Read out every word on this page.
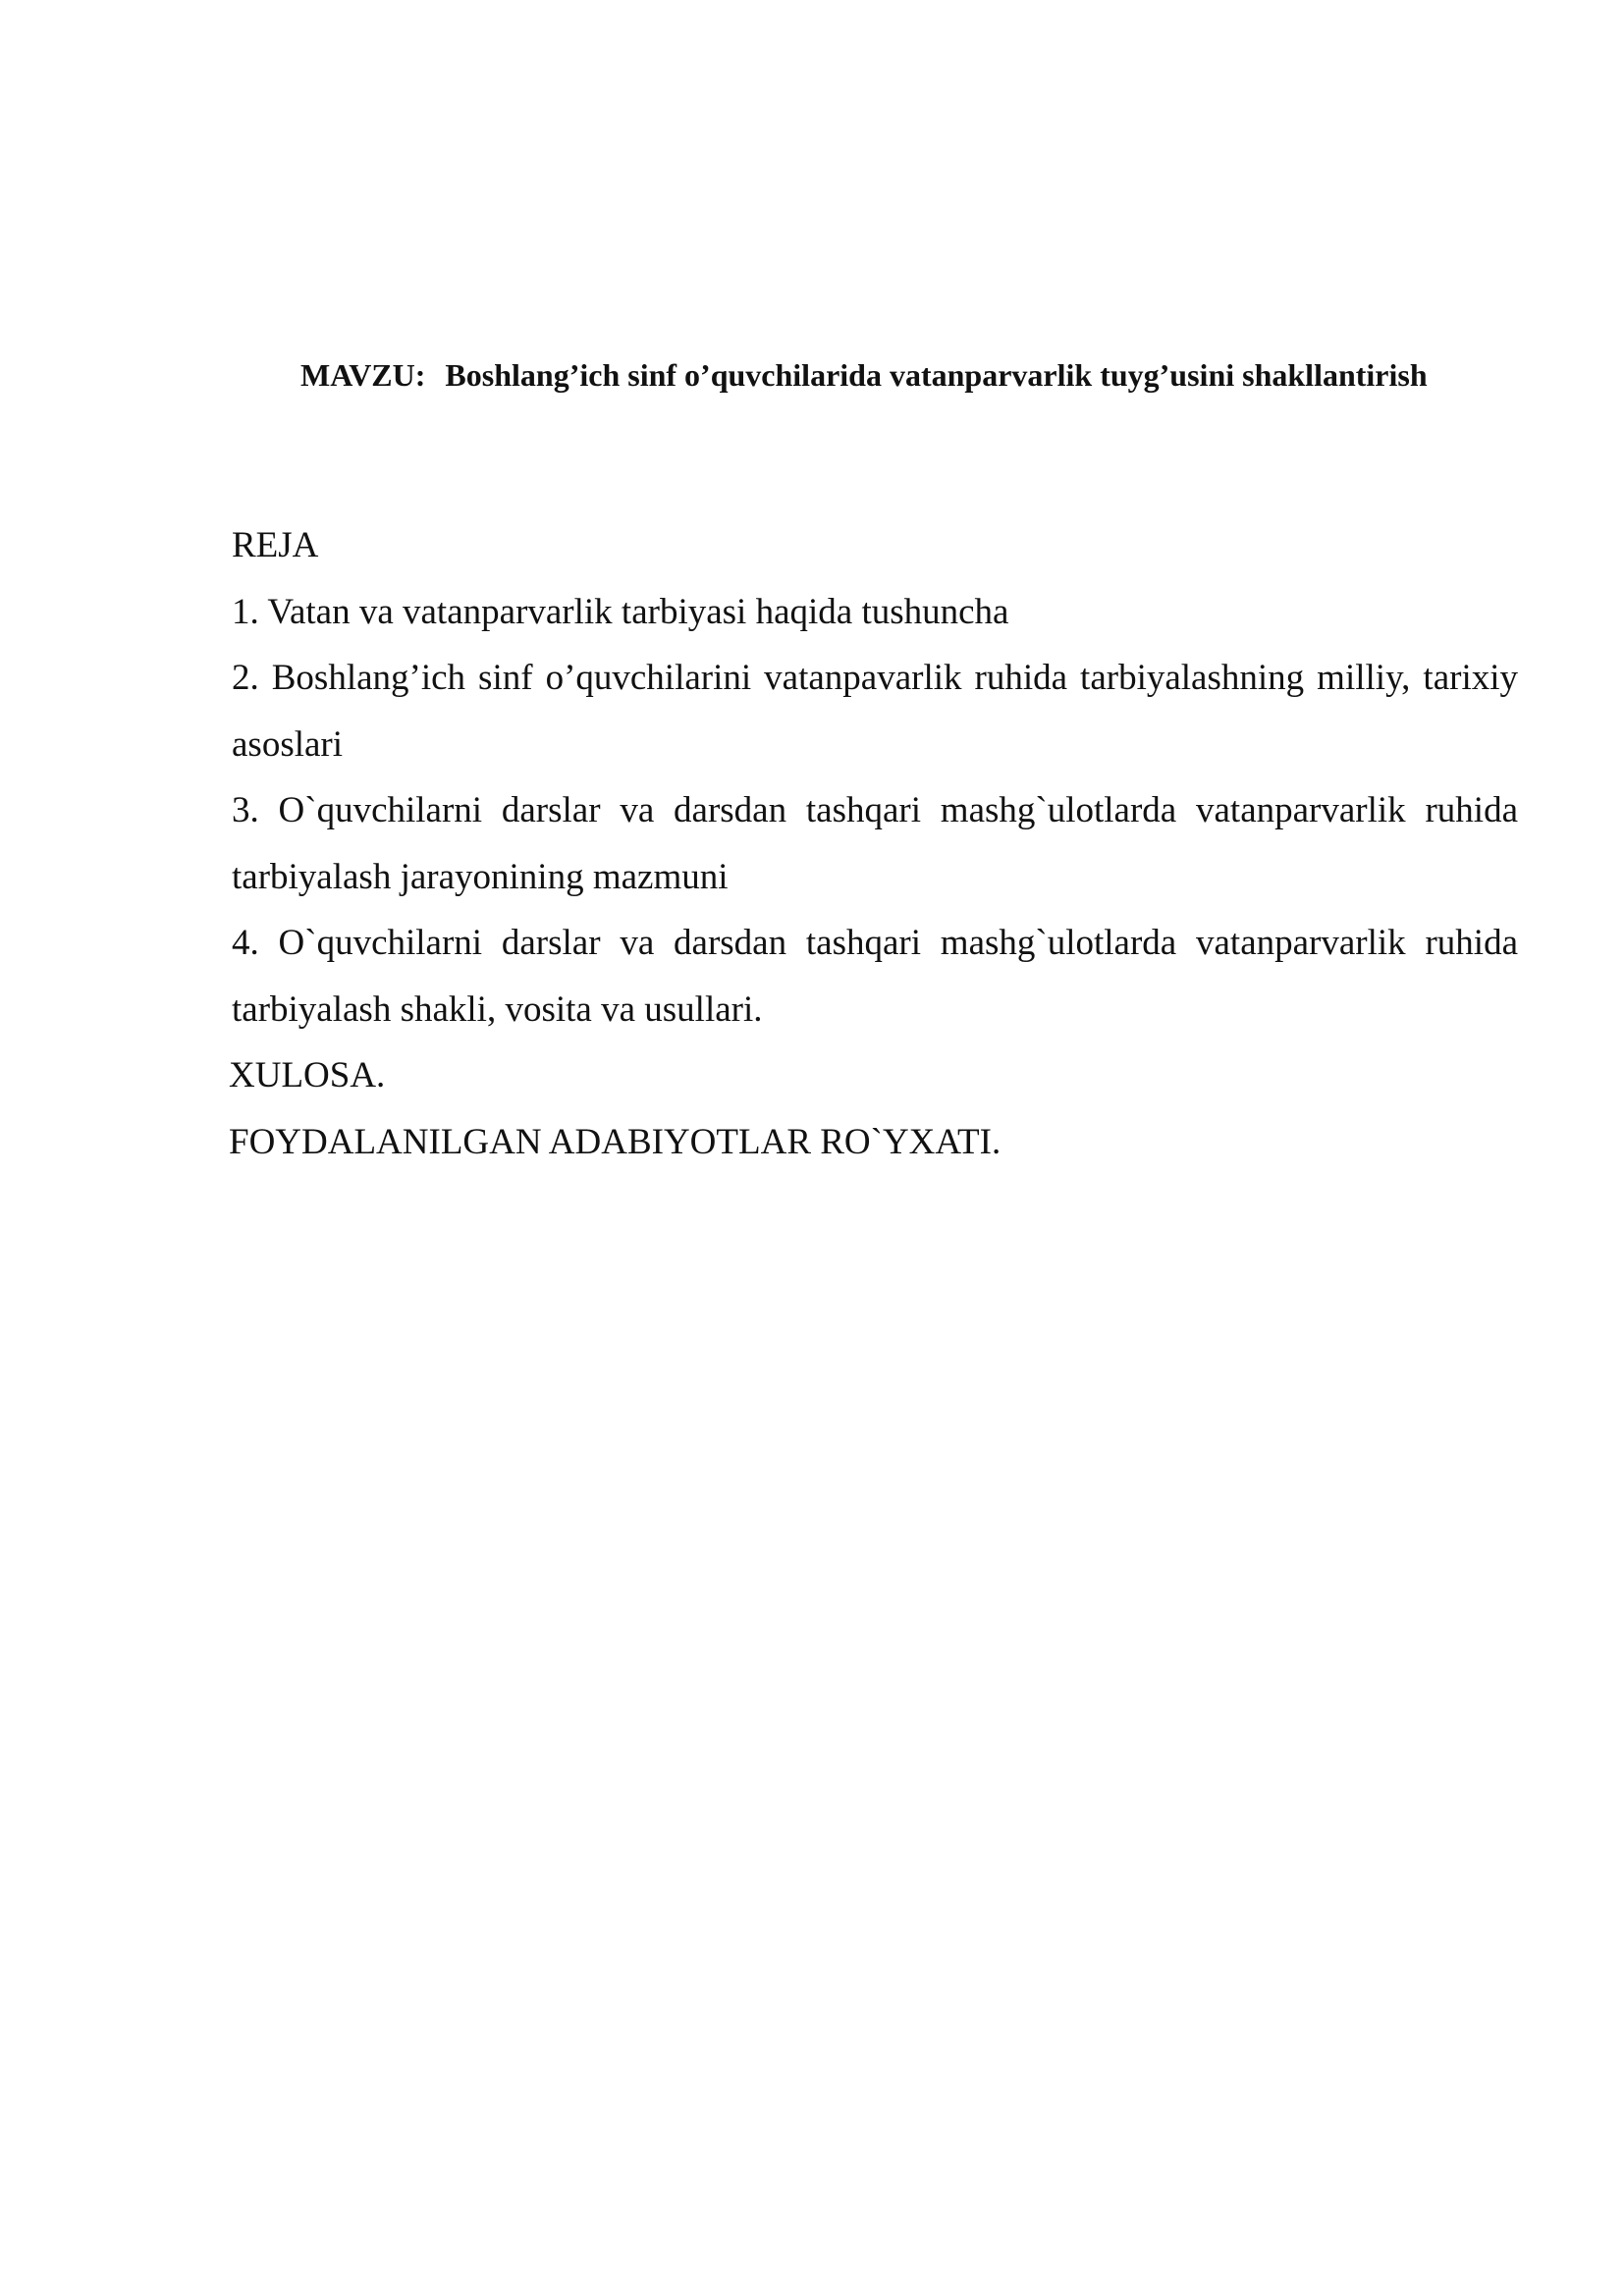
MAVZU: Boshlang’ich sinf o’quvchilarida vatanparvarlik tuyg’usini shakllantirish

REJA

1. Vatan va vatanparvarlik tarbiyasi haqida tushuncha

2. Boshlang’ich sinf o’quvchilarini vatanpavarlik ruhida tarbiyalashning milliy, tarixiy asoslari

3. O`quvchilarni darslar va darsdan tashqari mashg`ulotlarda vatanparvarlik ruhida tarbiyalash jarayonining mazmuni

4. O`quvchilarni darslar va darsdan tashqari mashg`ulotlarda vatanparvarlik ruhida tarbiyalash shakli, vosita va usullari.

XULOSA.

FOYDALANILGAN ADABIYOTLAR RO`YXATI.
